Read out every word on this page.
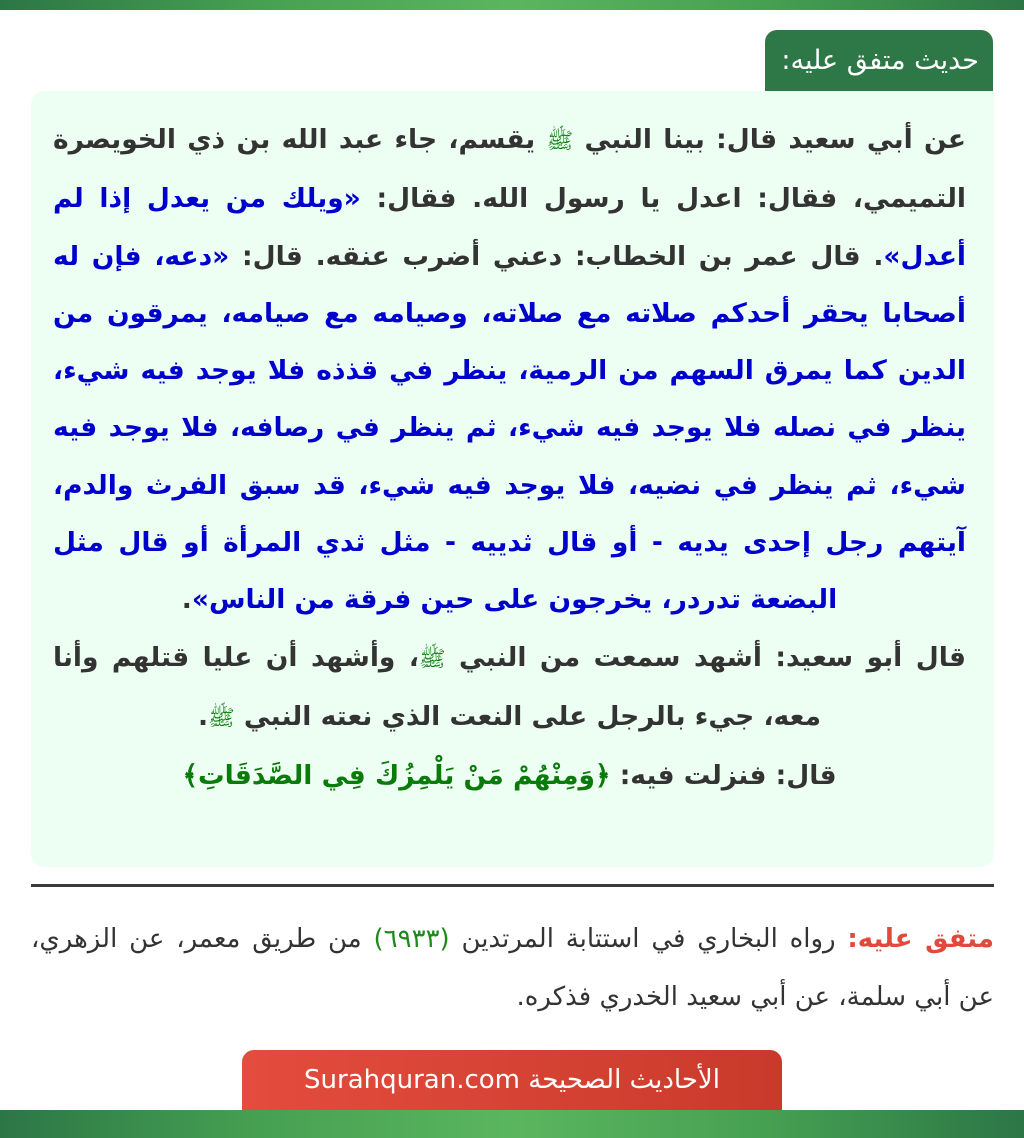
حديث متفق عليه:

عن أبي سعيد قال: بينا النبي ﷺ يقسم، جاء عبد الله بن ذي الخويصرة التميمي، فقال: اعدل يا رسول الله. فقال: «ويلك من يعدل إذا لم أعدل». قال عمر بن الخطاب: دعني أضرب عنقه. قال: «دعه، فإن له أصحابا يحقر أحدكم صلاته مع صلاته، وصيامه مع صيامه، يمرقون من الدين كما يمرق السهم من الرمية، ينظر في قذذه فلا يوجد فيه شيء، ينظر في نصله فلا يوجد فيه شيء، ثم ينظر في رصافه، فلا يوجد فيه شيء، ثم ينظر في نضيه، فلا يوجد فيه شيء، قد سبق الفرث والدم، آيتهم رجل إحدى يديه - أو قال ثدييه - مثل ثدي المرأة أو قال مثل البضعة تدردر، يخرجون على حين فرقة من الناس».

قال أبو سعيد: أشهد سمعت من النبي ﷺ، وأشهد أن عليا قتلهم وأنا معه، جيء بالرجل على النعت الذي نعته النبي ﷺ.

قال: فنزلت فيه: ﴿وَمِنْهُمْ مَنْ يَلْمِزُكَ فِي الصَّدَقَاتِ﴾

متفق عليه: رواه البخاري في استتابة المرتدين (٦٩٣٣) من طريق معمر، عن الزهري، عن أبي سلمة، عن أبي سعيد الخدري فذكره.

الأحاديث الصحيحة Surahquran.com
